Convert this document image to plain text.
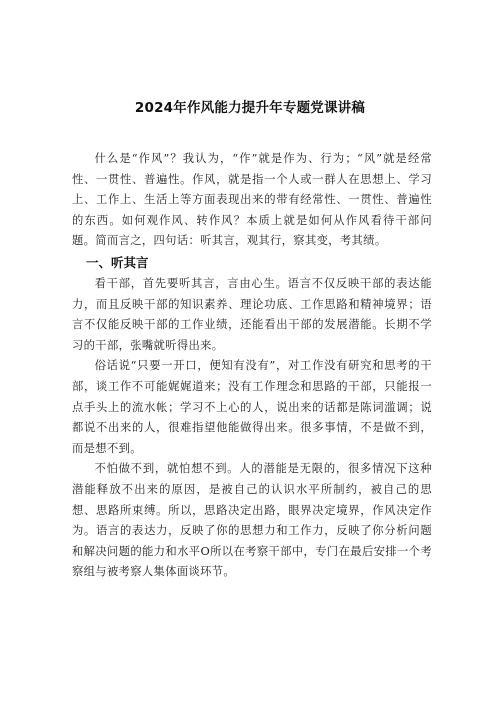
2024年作风能力提升年专题党课讲稿

什么是“作风”？我认为，“作”就是作为、行为；“风”就是经常性、一贯性、普遍性。作风，就是指一个人或一群人在思想上、学习上、工作上、生活上等方面表现出来的带有经常性、一贯性、普遍性的东西。如何观作风、转作风？本质上就是如何从作风看待干部问题。简而言之，四句话：听其言，观其行，察其变，考其绩。

一、听其言

看干部，首先要听其言，言由心生。语言不仅反映干部的表达能力，而且反映干部的知识素养、理论功底、工作思路和精神境界；语言不仅能反映干部的工作业绩，还能看出干部的发展潜能。长期不学习的干部，张嘴就听得出来。

俗话说“只要一开口，便知有没有”，对工作没有研究和思考的干部，谈工作不可能娓娓道来；没有工作理念和思路的干部，只能报一点手头上的流水帐；学习不上心的人，说出来的话都是陈词滥调；说都说不出来的人，很难指望他能做得出来。很多事情，不是做不到，而是想不到。

不怕做不到，就怕想不到。人的潜能是无限的，很多情况下这种潜能释放不出来的原因，是被自己的认识水平所制约，被自己的思想、思路所束缚。所以，思路决定出路，眼界决定境界，作风决定作为。语言的表达力，反映了你的思想力和工作力，反映了你分析问题和解决问题的能力和水平O所以在考察干部中，专门在最后安排一个考察组与被考察人集体面谈环节。
